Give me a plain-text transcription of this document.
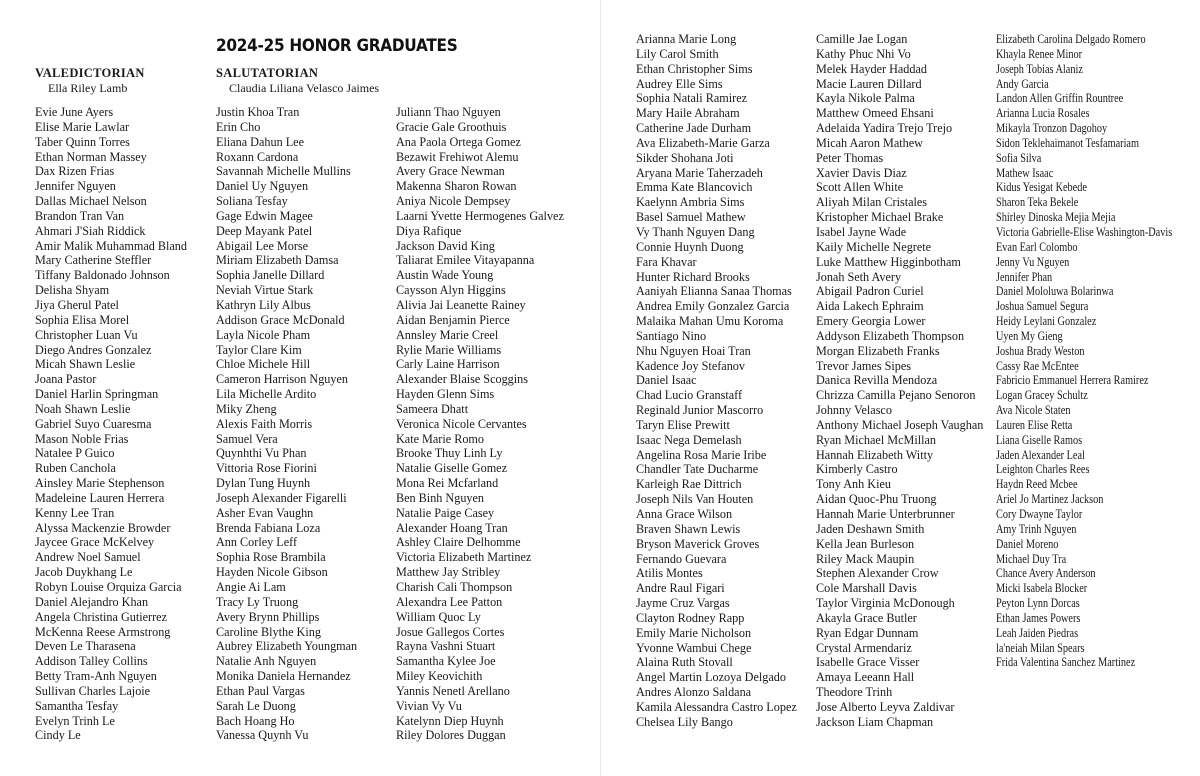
2024-25 HONOR GRADUATES
VALEDICTORIAN
Ella Riley Lamb
SALUTATORIAN
Claudia Liliana Velasco Jaimes
Evie June Ayers
Elise Marie Lawlar
Taber Quinn Torres
Ethan Norman Massey
Dax Rizen Frias
Jennifer Nguyen
Dallas Michael Nelson
Brandon Tran Van
Ahmari J'Siah Riddick
Amir Malik Muhammad Bland
Mary Catherine Steffler
Tiffany Baldonado Johnson
Delisha Shyam
Jiya Gherul Patel
Sophia Elisa Morel
Christopher Luan Vu
Diego Andres Gonzalez
Micah Shawn Leslie
Joana Pastor
Daniel Harlin Springman
Noah Shawn Leslie
Gabriel Suyo Cuaresma
Mason Noble Frias
Natalee P Guico
Ruben Canchola
Ainsley Marie Stephenson
Madeleine Lauren Herrera
Kenny Lee Tran
Alyssa Mackenzie Browder
Jaycee Grace McKelvey
Andrew Noel Samuel
Jacob Duykhang Le
Robyn Louise Orquiza Garcia
Daniel Alejandro Khan
Angela Christina Gutierrez
McKenna Reese Armstrong
Deven Le Tharasena
Addison Talley Collins
Betty Tram-Anh Nguyen
Sullivan Charles Lajoie
Samantha Tesfay
Evelyn Trinh Le
Cindy Le
Justin Khoa Tran
Erin Cho
Eliana Dahun Lee
Roxann Cardona
Savannah Michelle Mullins
Daniel Uy Nguyen
Soliana Tesfay
Gage Edwin Magee
Deep Mayank Patel
Abigail Lee Morse
Miriam Elizabeth Damsa
Sophia Janelle Dillard
Neviah Virtue Stark
Kathryn Lily Albus
Addison Grace McDonald
Layla Nicole Pham
Taylor Clare Kim
Chloe Michele Hill
Cameron Harrison Nguyen
Lila Michelle Ardito
Miky Zheng
Alexis Faith Morris
Samuel Vera
Quynhthi Vu Phan
Vittoria Rose Fiorini
Dylan Tung Huynh
Joseph Alexander Figarelli
Asher Evan Vaughn
Brenda Fabiana Loza
Ann Corley Leff
Sophia Rose Brambila
Hayden Nicole Gibson
Angie Ai Lam
Tracy Ly Truong
Avery Brynn Phillips
Caroline Blythe King
Aubrey Elizabeth Youngman
Natalie Anh Nguyen
Monika Daniela Hernandez
Ethan Paul Vargas
Sarah Le Duong
Bach Hoang Ho
Vanessa Quynh Vu
Juliann Thao Nguyen
Gracie Gale Groothuis
Ana Paola Ortega Gomez
Bezawit Frehiwot Alemu
Avery Grace Newman
Makenna Sharon Rowan
Aniya Nicole Dempsey
Laarni Yvette Hermogenes Galvez
Diya Rafique
Jackson David King
Taliarat Emilee Vitayapanna
Austin Wade Young
Caysson Alyn Higgins
Alivia Jai Leanette Rainey
Aidan Benjamin Pierce
Annsley Marie Creel
Rylie Marie Williams
Carly Laine Harrison
Alexander Blaise Scoggins
Hayden Glenn Sims
Sameera Dhatt
Veronica Nicole Cervantes
Kate Marie Romo
Brooke Thuy Linh Ly
Natalie Giselle Gomez
Mona Rei Mcfarland
Ben Binh Nguyen
Natalie Paige Casey
Alexander Hoang Tran
Ashley Claire Delhomme
Victoria Elizabeth Martinez
Matthew Jay Stribley
Charish Cali Thompson
Alexandra Lee Patton
William Quoc Ly
Josue Gallegos Cortes
Rayna Vashni Stuart
Samantha Kylee Joe
Miley Keovichith
Yannis Nenetl Arellano
Vivian Vy Vu
Katelynn Diep Huynh
Riley Dolores Duggan
Arianna Marie Long
Lily Carol Smith
Ethan Christopher Sims
Audrey Elle Sims
Sophia Natali Ramirez
Mary Haile Abraham
Catherine Jade Durham
Ava Elizabeth-Marie Garza
Sikder Shohana Joti
Aryana Marie Taherzadeh
Emma Kate Blancovich
Kaelynn Ambria Sims
Basel Samuel Mathew
Vy Thanh Nguyen Dang
Connie Huynh Duong
Fara Khavar
Hunter Richard Brooks
Aaniyah Elianna Sanaa Thomas
Andrea Emily Gonzalez Garcia
Malaika Mahan Umu Koroma
Santiago Nino
Nhu Nguyen Hoai Tran
Kadence Joy Stefanov
Daniel Isaac
Chad Lucio Granstaff
Reginald Junior Mascorro
Taryn Elise Prewitt
Isaac Nega Demelash
Angelina Rosa Marie Iribe
Chandler Tate Ducharme
Karleigh Rae Dittrich
Joseph Nils Van Houten
Anna Grace Wilson
Braven Shawn Lewis
Bryson Maverick Groves
Fernando Guevara
Atilis Montes
Andre Raul Figari
Jayme Cruz Vargas
Clayton Rodney Rapp
Emily Marie Nicholson
Yvonne Wambui Chege
Alaina Ruth Stovall
Angel Martin Lozoya Delgado
Andres Alonzo Saldana
Kamila Alessandra Castro Lopez
Chelsea Lily Bango
Camille Jae Logan
Kathy Phuc Nhi Vo
Melek Hayder Haddad
Macie Lauren Dillard
Kayla Nikole Palma
Matthew Omeed Ehsani
Adelaida Yadira Trejo Trejo
Micah Aaron Mathew
Peter Thomas
Xavier Davis Diaz
Scott Allen White
Aliyah Milan Cristales
Kristopher Michael Brake
Isabel Jayne Wade
Kaily Michelle Negrete
Luke Matthew Higginbotham
Jonah Seth Avery
Abigail Padron Curiel
Aida Lakech Ephraim
Emery Georgia Lower
Addyson Elizabeth Thompson
Morgan Elizabeth Franks
Trevor James Sipes
Danica Revilla Mendoza
Chrizza Camilla Pejano Senoron
Johnny Velasco
Anthony Michael Joseph Vaughan
Ryan Michael McMillan
Hannah Elizabeth Witty
Kimberly Castro
Tony Anh Kieu
Aidan Quoc-Phu Truong
Hannah Marie Unterbrunner
Jaden Deshawn Smith
Kella Jean Burleson
Riley Mack Maupin
Stephen Alexander Crow
Cole Marshall Davis
Taylor Virginia McDonough
Akayla Grace Butler
Ryan Edgar Dunnam
Crystal Armendariz
Isabelle Grace Visser
Amaya Leeann Hall
Theodore Trinh
Jose Alberto Leyva Zaldivar
Jackson Liam Chapman
Elizabeth Carolina Delgado Romero
Khayla Renee Minor
Joseph Tobias Alaniz
Andy Garcia
Landon Allen Griffin Rountree
Arianna Lucia Rosales
Mikayla Tronzon Dagohoy
Sidon Teklehaimanot Tesfamariam
Sofia Silva
Mathew Isaac
Kidus Yesigat Kebede
Sharon Teka Bekele
Shirley Dinoska Mejia Mejia
Victoria Gabrielle-Elise Washington-Davis
Evan Earl Colombo
Jenny Vu Nguyen
Jennifer Phan
Daniel Mololuwa Bolarinwa
Joshua Samuel Segura
Heidy Leylani Gonzalez
Uyen My Gieng
Joshua Brady Weston
Cassy Rae McEntee
Fabricio Emmanuel Herrera Ramirez
Logan Gracey Schultz
Ava Nicole Staten
Lauren Elise Retta
Liana Giselle Ramos
Jaden Alexander Leal
Leighton Charles Rees
Haydn Reed Mcbee
Ariel Jo Martinez Jackson
Cory Dwayne Taylor
Amy Trinh Nguyen
Daniel Moreno
Michael Duy Tra
Chance Avery Anderson
Micki Isabela Blocker
Peyton Lynn Dorcas
Ethan James Powers
Leah Jaiden Piedras
la'neiah Milan Spears
Frida Valentina Sanchez Martinez
